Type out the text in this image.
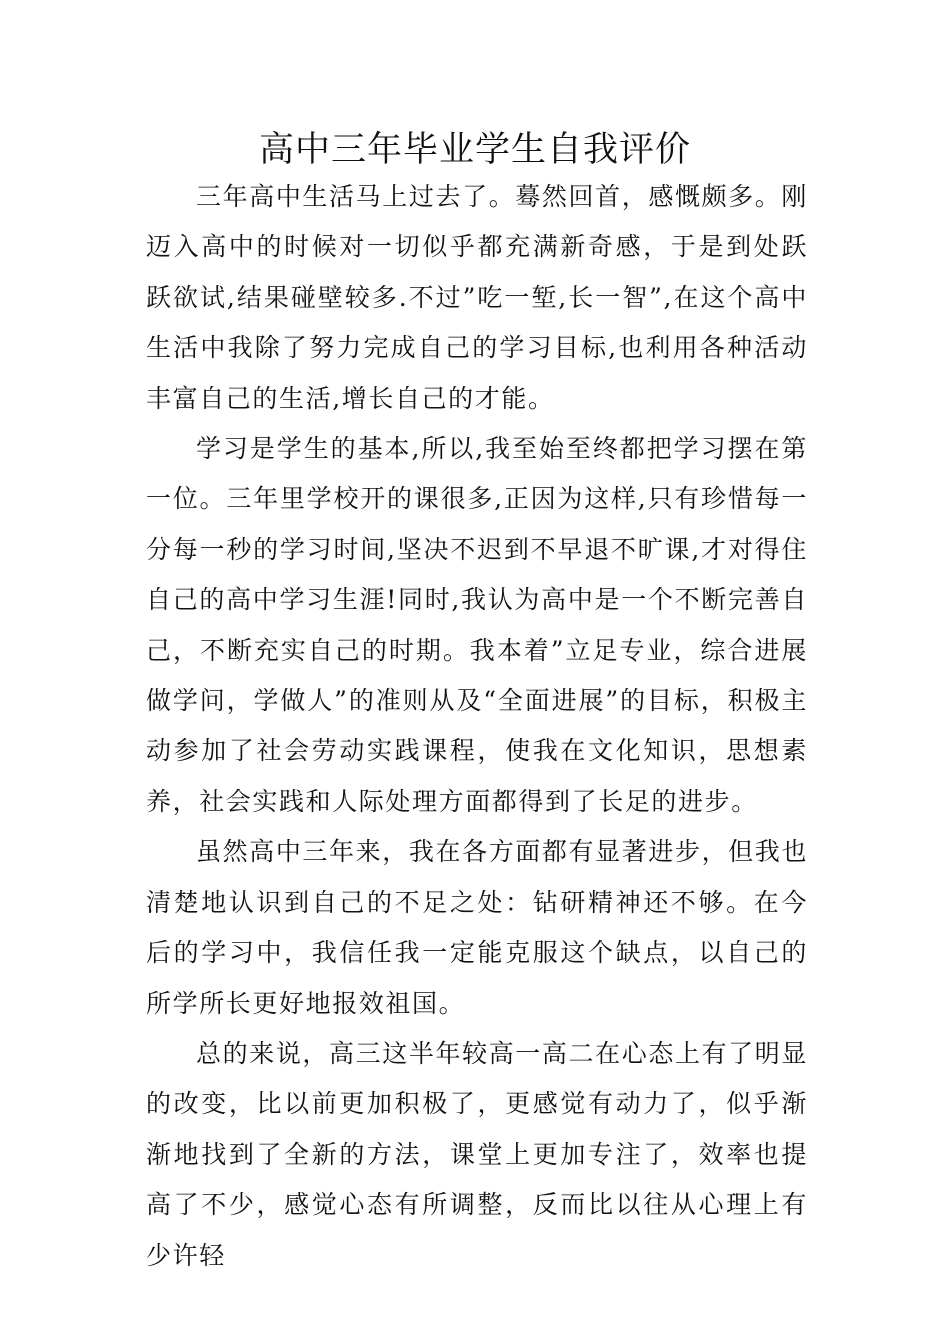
高中三年毕业学生自我评价

三年高中生活马上过去了。蓦然回首，感慨颇多。刚迈入高中的时候对一切似乎都充满新奇感，于是到处跃跃欲试,结果碰壁较多.不过”吃一堑,长一智”,在这个高中生活中我除了努力完成自己的学习目标,也利用各种活动丰富自己的生活,增长自己的才能。

学习是学生的基本,所以,我至始至终都把学习摆在第一位。三年里学校开的课很多,正因为这样,只有珍惜每一分每一秒的学习时间,坚决不迟到不早退不旷课,才对得住自己的高中学习生涯!同时,我认为高中是一个不断完善自己，不断充实自己的时期。我本着”立足专业，综合进展做学问，学做人”的准则从及“全面进展”的目标，积极主动参加了社会劳动实践课程，使我在文化知识，思想素养，社会实践和人际处理方面都得到了长足的进步。

虽然高中三年来，我在各方面都有显著进步，但我也清楚地认识到自己的不足之处：钻研精神还不够。在今后的学习中，我信任我一定能克服这个缺点，以自己的所学所长更好地报效祖国。

总的来说，高三这半年较高一高二在心态上有了明显的改变，比以前更加积极了，更感觉有动力了，似乎渐渐地找到了全新的方法，课堂上更加专注了，效率也提高了不少，感觉心态有所调整，反而比以往从心理上有少许轻
